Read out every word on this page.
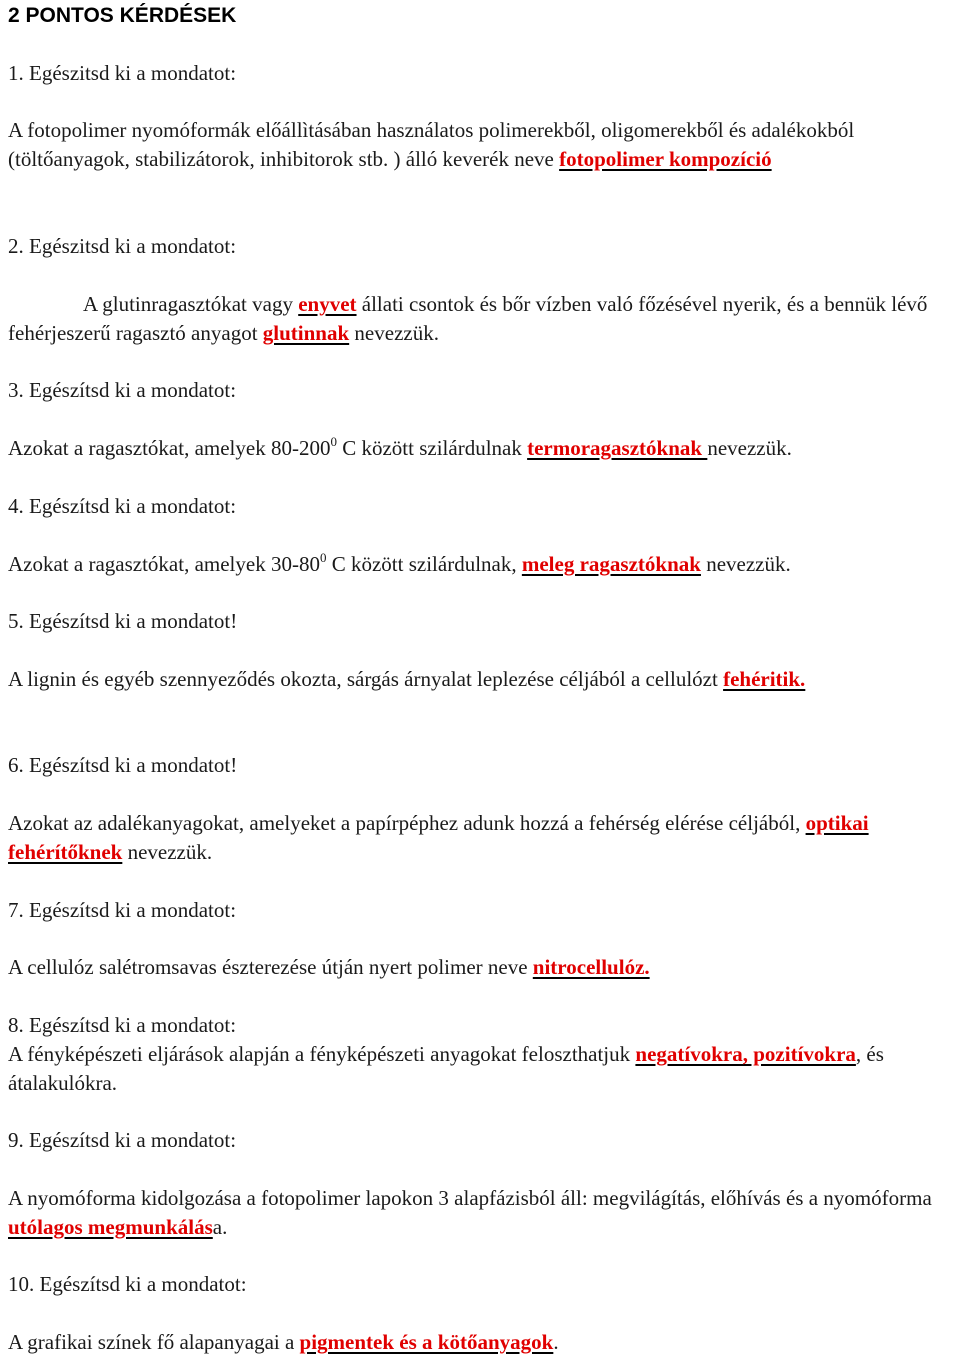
2 PONTOS KÉRDÉSEK
1. Egészitsd ki a mondatot:

A fotopolimer nyomóformák előállìtásában használatos polimerekből, oligomerekből és adalékokból (töltőanyagok, stabilizátorok, inhibitorok stb. ) álló keverék neve fotopolimer kompozíció

2. Egészitsd ki a mondatot:

A glutinragasztókat vagy enyvet állati csontok és bőr vízben való főzésével nyerik, és a bennük lévő fehérjeszerű ragasztó anyagot glutinnak nevezzük.

3. Egészítsd ki a mondatot:

Azokat a ragasztókat, amelyek $80-200^0$ C között szilárdulnak termoragasztóknak nevezzük.

4. Egészítsd ki a mondatot:

Azokat a ragasztókat, amelyek $30-80^0$ C között szilárdulnak, meleg ragasztóknak nevezzük.

5. Egészítsd ki a mondatot!

A lignin és egyéb szennyeződés okozta, sárgás árnyalat leplezése céljából a cellulózt fehéritik.

6. Egészítsd ki a mondatot!

Azokat az adalékanyagokat, amelyeket a papírpéphez adunk hozzá a fehérség elérése céljából, optikai fehérítőknek nevezzük.

7. Egészítsd ki a mondatot:

A cellulóz salétromsavas észterezése útján nyert polimer neve nitrocellulóz.

8. Egészítsd ki a mondatot:

A fényképészeti eljárások alapján a fényképészeti anyagokat feloszthatjuk negatívokra, pozitívokra, és átalakulókra.

9. Egészítsd ki a mondatot:

A nyomóforma kidolgozása a fotopolimer lapokon 3 alapfázisból áll: megvilágítás, előhívás és a nyomóforma utólagos megmunkálása.

10. Egészítsd ki a mondatot:

A grafikai színek fő alapanyagai a pigmentek és a kötőanyagok.
